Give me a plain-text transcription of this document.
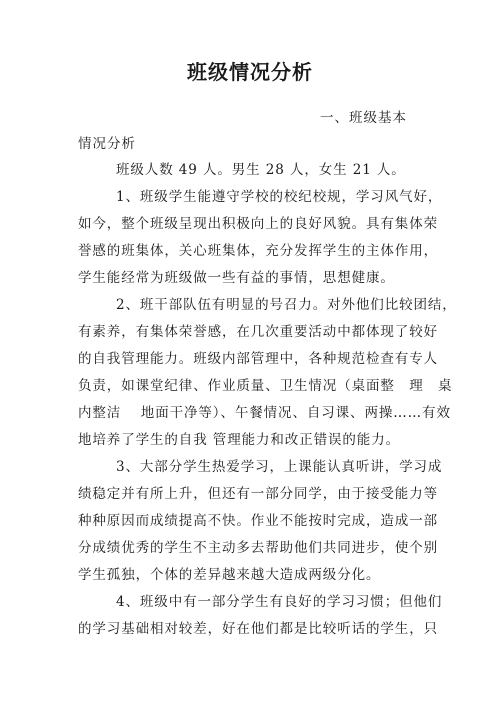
班级情况分析
一、班级基本
情况分析
班级人数 49 人。男生 28 人，女生 21 人。
1、班级学生能遵守学校的校纪校规，学习风气好，
如今，整个班级呈现出积极向上的良好风貌。具有集体荣
誉感的班集体，关心班集体，充分发挥学生的主体作用，
学生能经常为班级做一些有益的事情，思想健康。
2、班干部队伍有明显的号召力。对外他们比较团结，
有素养，有集体荣誉感，在几次重要活动中都体现了较好
的自我管理能力。班级内部管理中，各种规范检查有专人
负责，如课堂纪律、作业质量、卫生情况（桌面整　理　桌
内整洁　 地面干净等）、午餐情况、自习课、两操……有效
地培养了学生的自我 管理能力和改正错误的能力。
3、大部分学生热爱学习，上课能认真听讲，学习成
绩稳定并有所上升，但还有一部分同学，由于接受能力等
种种原因而成绩提高不快。作业不能按时完成，造成一部
分成绩优秀的学生不主动多去帮助他们共同进步，使个别
学生孤独，个体的差异越来越大造成两级分化。
4、班级中有一部分学生有良好的学习习惯；但他们
的学习基础相对较差，好在他们都是比较听话的学生，只
